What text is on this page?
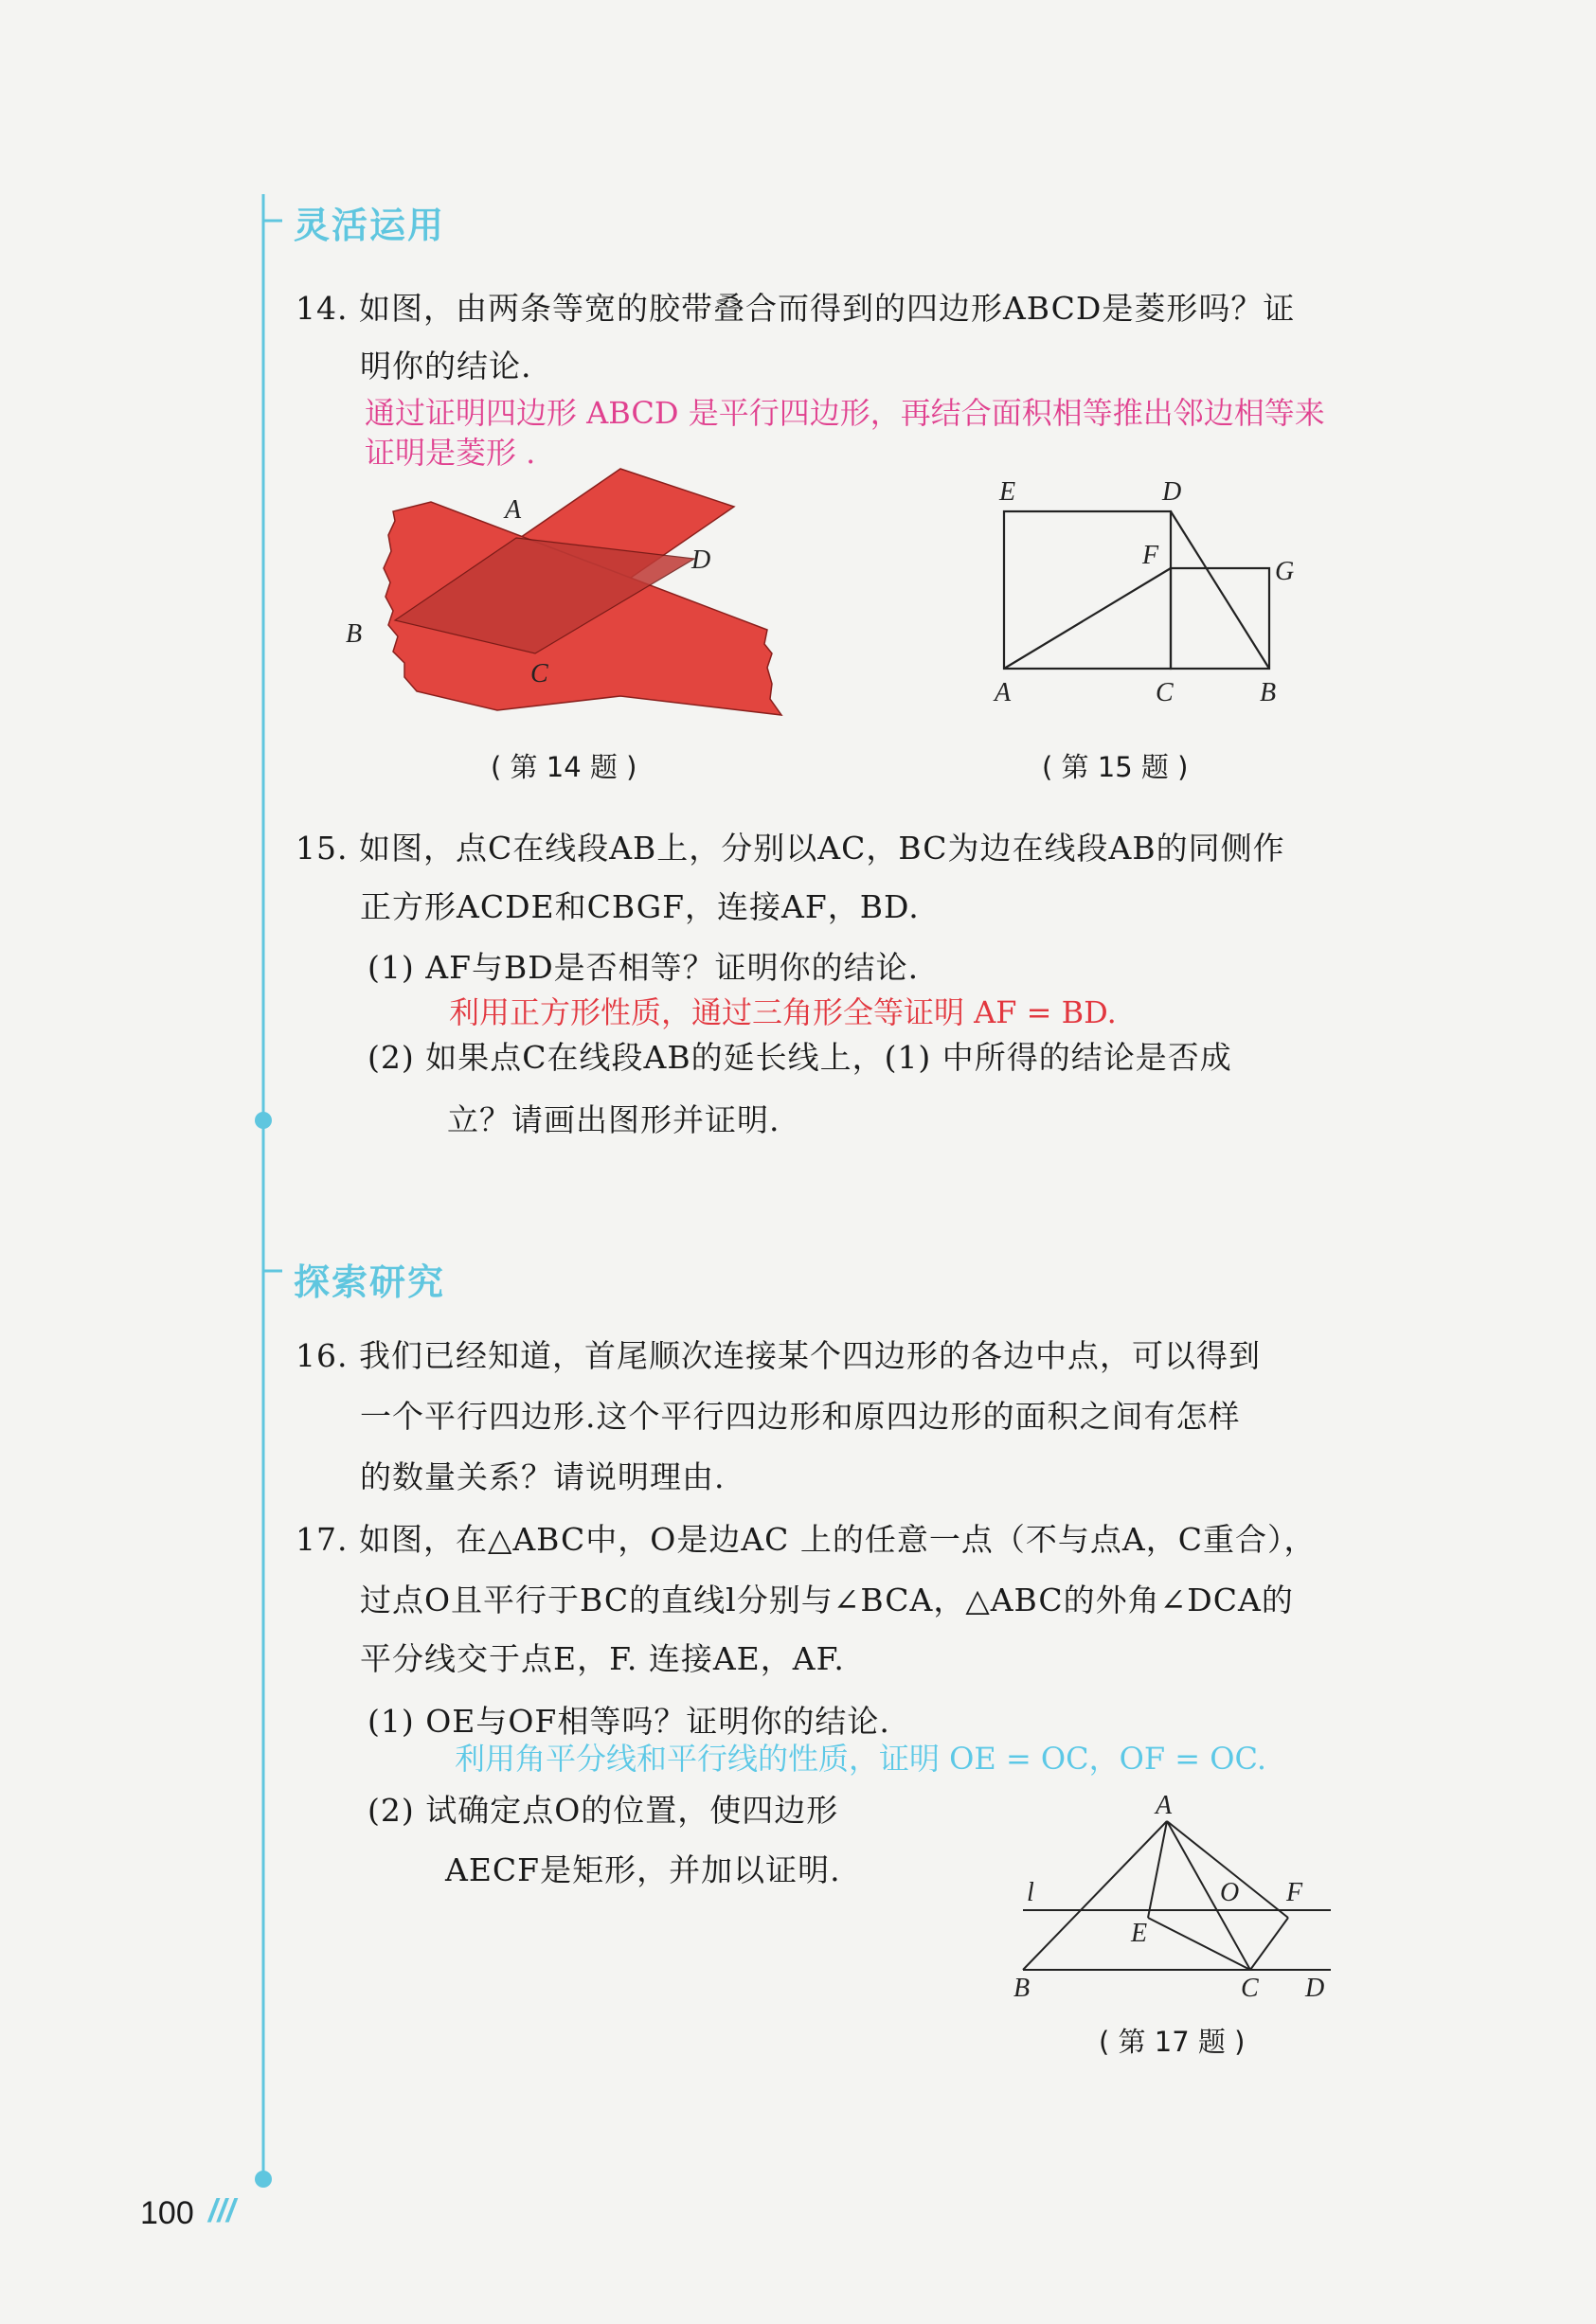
灵活运用
14. 如图，由两条等宽的胶带叠合而得到的四边形ABCD是菱形吗？证
明你的结论.
通过证明四边形 ABCD 是平行四边形，再结合面积相等推出邻边相等来
证明是菱形 .
A
D
B
C
( 第 14 题 )
E	D
F
G
A	C	B
( 第 15 题 )
15. 如图，点C在线段AB上，分别以AC，BC为边在线段AB的同侧作
正方形ACDE和CBGF，连接AF，BD.
(1) AF与BD是否相等？证明你的结论.
利用正方形性质，通过三角形全等证明 AF = BD.
(2) 如果点C在线段AB的延长线上，(1) 中所得的结论是否成
立？请画出图形并证明.
探索研究
16. 我们已经知道，首尾顺次连接某个四边形的各边中点，可以得到
一个平行四边形.这个平行四边形和原四边形的面积之间有怎样
的数量关系？请说明理由.
17. 如图，在△ABC中，O是边AC 上的任意一点（不与点A，C重合），
过点O且平行于BC的直线l分别与∠BCA，△ABC的外角∠DCA的
平分线交于点E，F. 连接AE，AF.
(1) OE与OF相等吗？证明你的结论.
利用角平分线和平行线的性质，证明 OE = OC，OF = OC.
(2) 试确定点O的位置，使四边形
AECF是矩形，并加以证明.
A
l	O F
E
B	C D
( 第 17 题 )
100 ///
